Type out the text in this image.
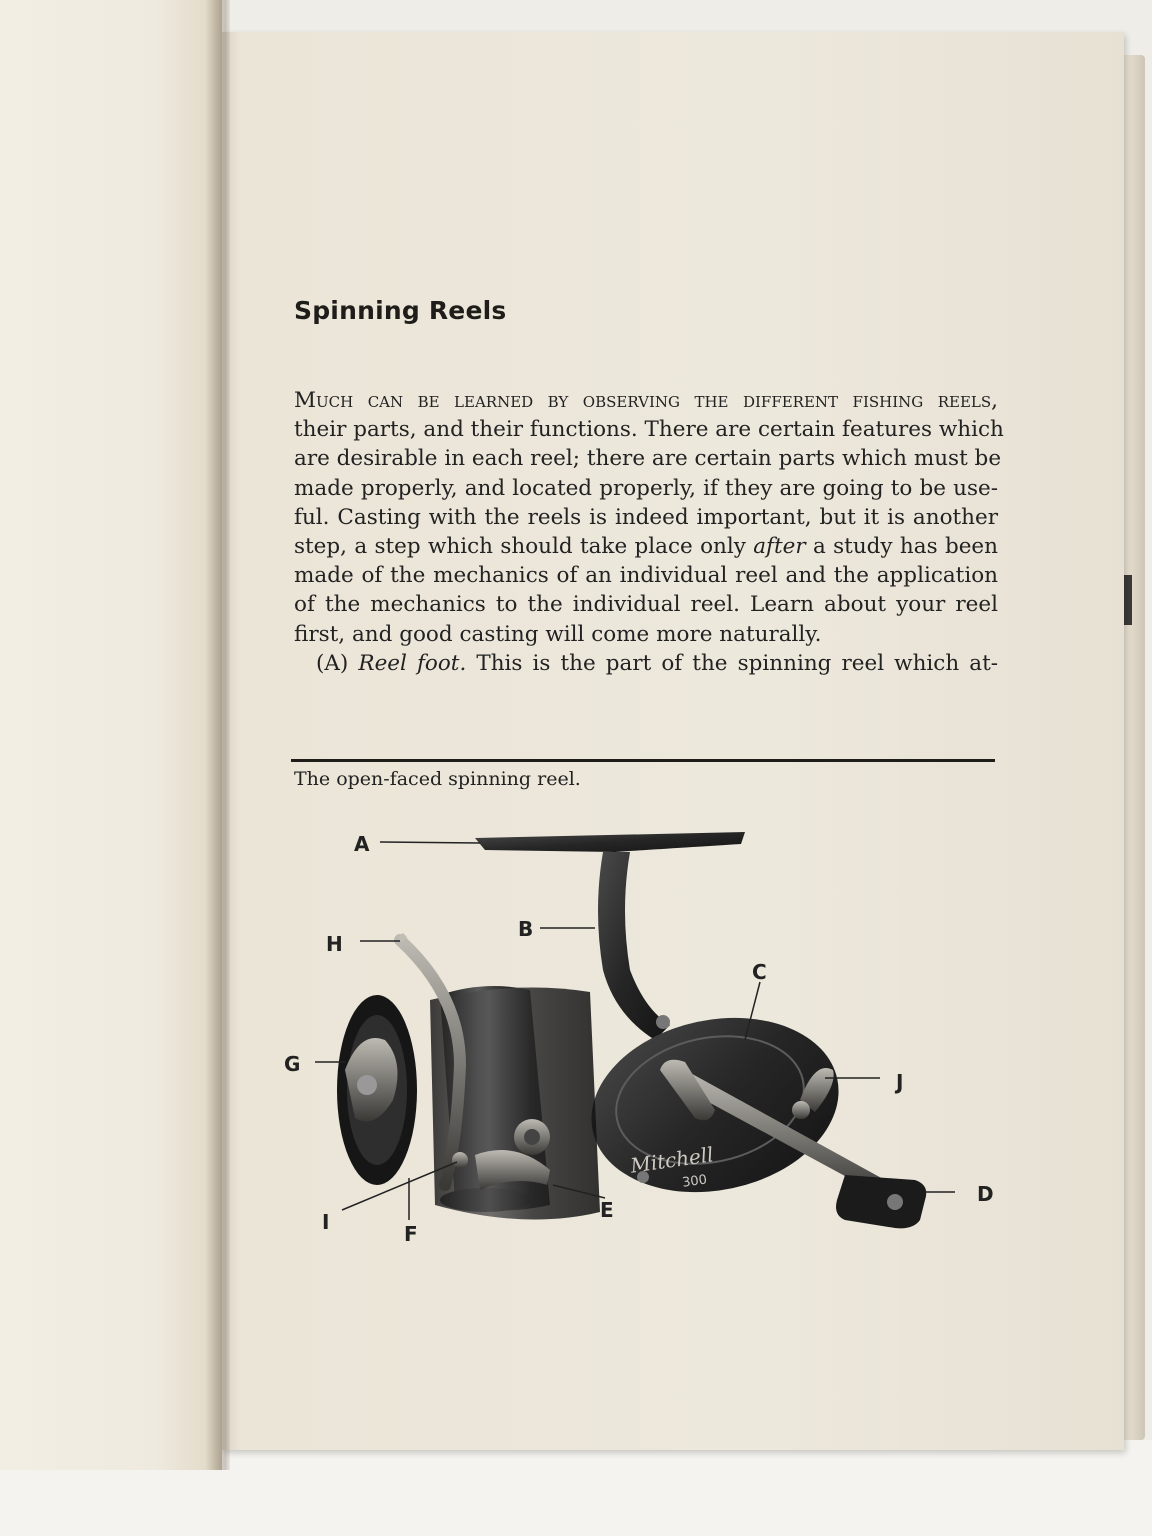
Spinning Reels
Much can be learned by observing the different fishing reels,
their parts, and their functions. There are certain features which
are desirable in each reel; there are certain parts which must be
made properly, and located properly, if they are going to be use-
ful. Casting with the reels is indeed important, but it is another
step, a step which should take place only after a study has been
made of the mechanics of an individual reel and the application
of the mechanics to the individual reel. Learn about your reel
first, and good casting will come more naturally.
(A) Reel foot. This is the part of the spinning reel which at-
The open-faced spinning reel.
Mitchell
300
A
B
H
C
G
J
D
E
I	F
